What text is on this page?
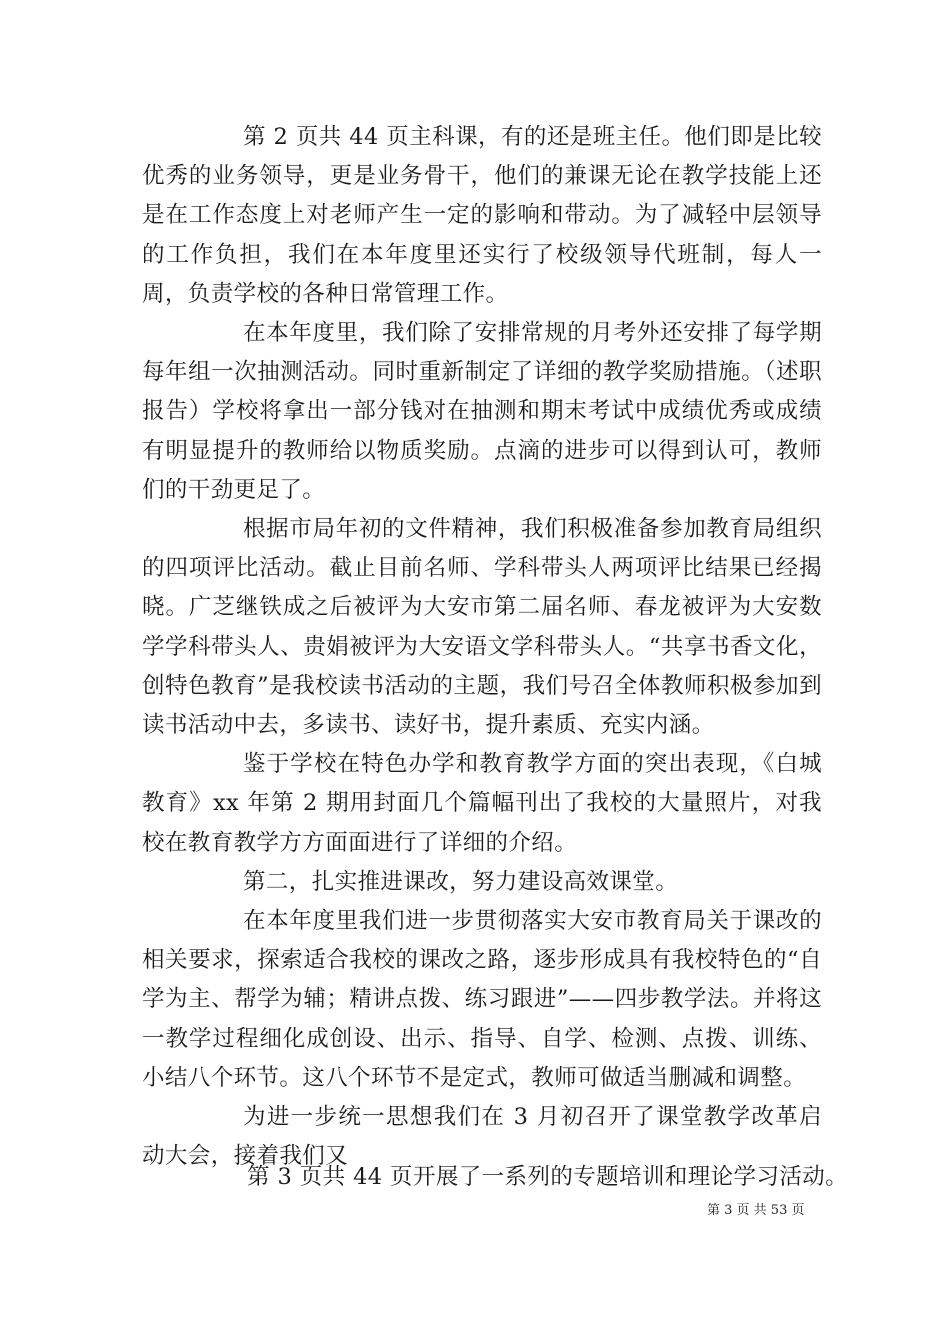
第 2 页共 44 页主科课，有的还是班主任。他们即是比较优秀的业务领导，更是业务骨干，他们的兼课无论在教学技能上还是在工作态度上对老师产生一定的影响和带动。为了减轻中层领导的工作负担，我们在本年度里还实行了校级领导代班制，每人一周，负责学校的各种日常管理工作。

在本年度里，我们除了安排常规的月考外还安排了每学期每年组一次抽测活动。同时重新制定了详细的教学奖励措施。（述职报告）学校将拿出一部分钱对在抽测和期末考试中成绩优秀或成绩有明显提升的教师给以物质奖励。点滴的进步可以得到认可，教师们的干劲更足了。

根据市局年初的文件精神，我们积极准备参加教育局组织的四项评比活动。截止目前名师、学科带头人两项评比结果已经揭晓。广芝继铁成之后被评为大安市第二届名师、春龙被评为大安数学学科带头人、贵娟被评为大安语文学科带头人。“共享书香文化，创特色教育”是我校读书活动的主题，我们号召全体教师积极参加到读书活动中去，多读书、读好书，提升素质、充实内涵。

鉴于学校在特色办学和教育教学方面的突出表现，《白城教育》xx 年第 2 期用封面几个篇幅刊出了我校的大量照片，对我校在教育教学方方面面进行了详细的介绍。

第二，扎实推进课改，努力建设高效课堂。

在本年度里我们进一步贯彻落实大安市教育局关于课改的相关要求，探索适合我校的课改之路，逐步形成具有我校特色的“自学为主、帮学为辅；精讲点拨、练习跟进”——四步教学法。并将这一教学过程细化成创设、出示、指导、自学、检测、点拨、训练、小结八个环节。这八个环节不是定式，教师可做适当删减和调整。

为进一步统一思想我们在 3 月初召开了课堂教学改革启动大会，接着我们又

第 3 页共 44 页开展了一系列的专题培训和理论学习活动。
第 3 页 共 53 页
